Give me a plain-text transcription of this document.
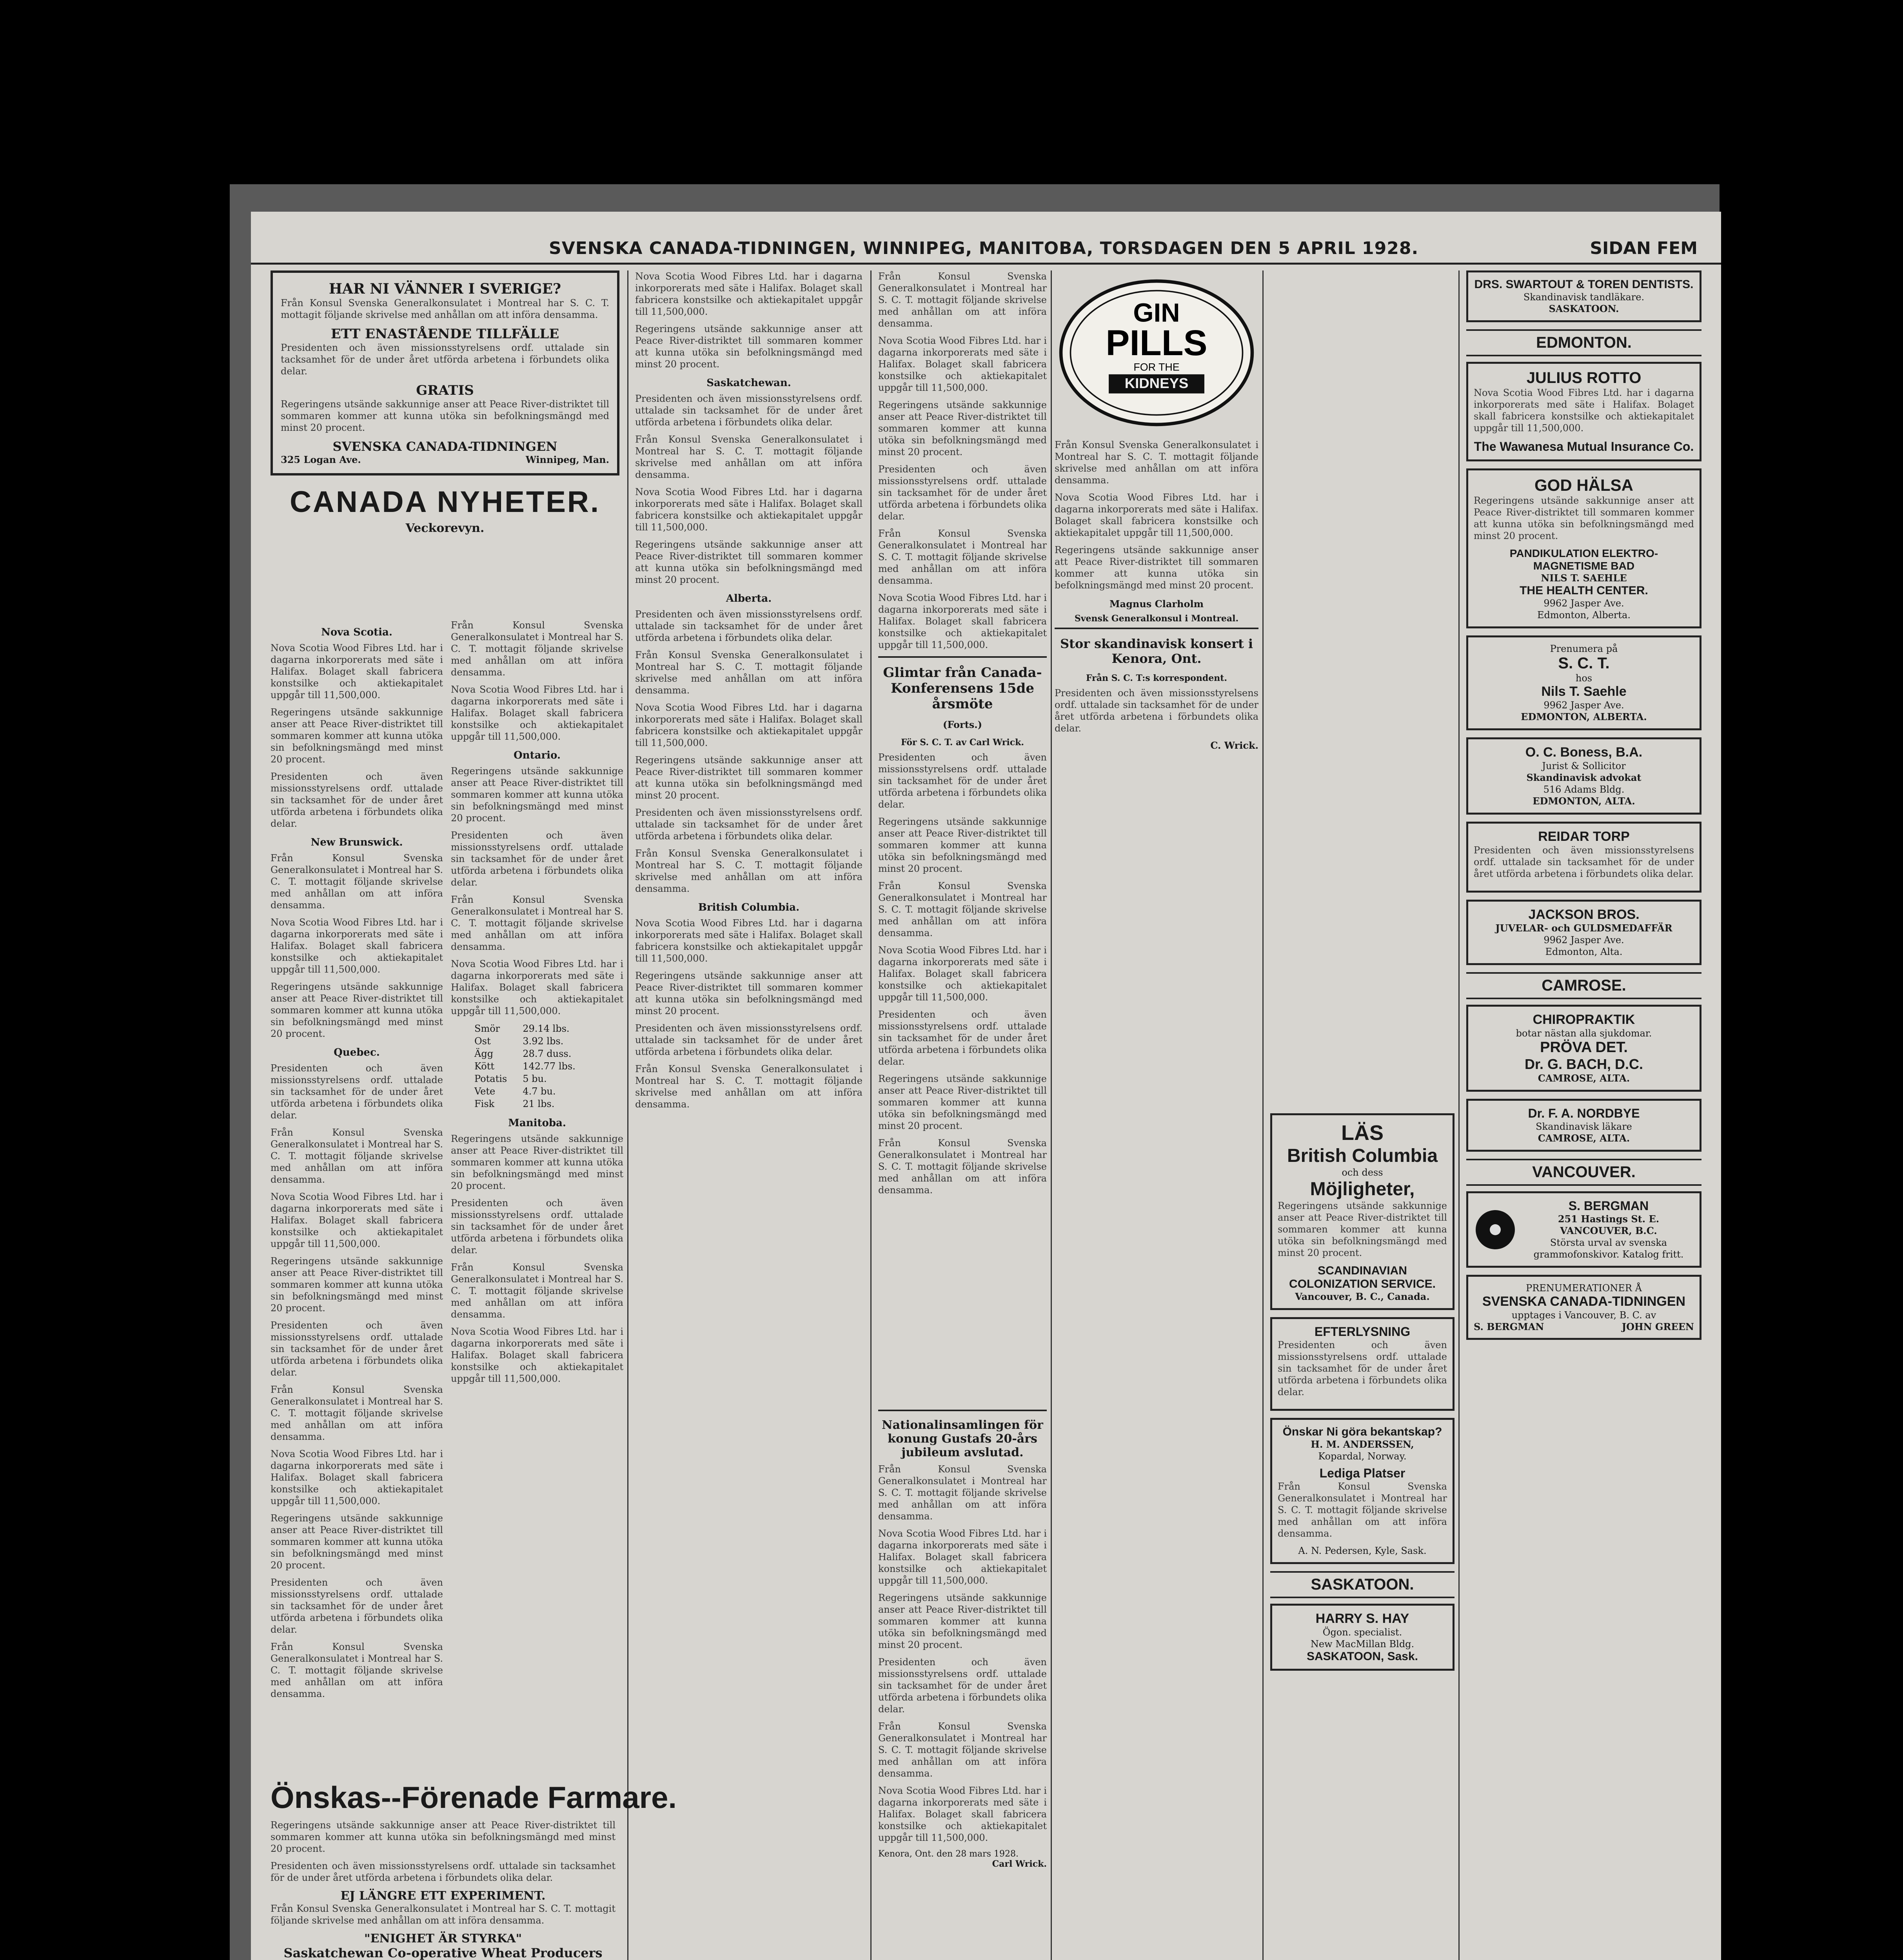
SVENSKA CANADA-TIDNINGEN, WINNIPEG, MANITOBA, TORSDAGEN DEN 5 APRIL 1928.	SIDAN FEM
HAR NI VÄNNER I SVERIGE?

Från Konsul Svenska Generalkonsulatet i Montreal har S. C. T. mottagit följande skrivelse med anhållan om att införa densamma.

ETT ENASTÅENDE TILLFÄLLE

Presidenten och även missionsstyrelsens ordf. uttalade sin tacksamhet för de under året utförda arbetena i förbundets olika delar.

GRATIS

Regeringens utsände sakkunnige anser att Peace River-distriktet till sommaren kommer att kunna utöka sin befolkningsmängd med minst 20 procent.

SVENSKA CANADA-TIDNINGEN
325 Logan Ave.	Winnipeg, Man.
CANADA NYHETER.
Veckorevyn.
Nova Scotia.

Nova Scotia Wood Fibres Ltd. har i dagarna inkorporerats med säte i Halifax. Bolaget skall fabricera konstsilke och aktiekapitalet uppgår till 11,500,000.

Regeringens utsände sakkunnige anser att Peace River-distriktet till sommaren kommer att kunna utöka sin befolkningsmängd med minst 20 procent.

Presidenten och även missionsstyrelsens ordf. uttalade sin tacksamhet för de under året utförda arbetena i förbundets olika delar.

New Brunswick.

Från Konsul Svenska Generalkonsulatet i Montreal har S. C. T. mottagit följande skrivelse med anhållan om att införa densamma.

Nova Scotia Wood Fibres Ltd. har i dagarna inkorporerats med säte i Halifax. Bolaget skall fabricera konstsilke och aktiekapitalet uppgår till 11,500,000.

Regeringens utsände sakkunnige anser att Peace River-distriktet till sommaren kommer att kunna utöka sin befolkningsmängd med minst 20 procent.

Quebec.

Presidenten och även missionsstyrelsens ordf. uttalade sin tacksamhet för de under året utförda arbetena i förbundets olika delar.

Från Konsul Svenska Generalkonsulatet i Montreal har S. C. T. mottagit följande skrivelse med anhållan om att införa densamma.

Nova Scotia Wood Fibres Ltd. har i dagarna inkorporerats med säte i Halifax. Bolaget skall fabricera konstsilke och aktiekapitalet uppgår till 11,500,000.

Regeringens utsände sakkunnige anser att Peace River-distriktet till sommaren kommer att kunna utöka sin befolkningsmängd med minst 20 procent.

Presidenten och även missionsstyrelsens ordf. uttalade sin tacksamhet för de under året utförda arbetena i förbundets olika delar.

Från Konsul Svenska Generalkonsulatet i Montreal har S. C. T. mottagit följande skrivelse med anhållan om att införa densamma.

Nova Scotia Wood Fibres Ltd. har i dagarna inkorporerats med säte i Halifax. Bolaget skall fabricera konstsilke och aktiekapitalet uppgår till 11,500,000.

Regeringens utsände sakkunnige anser att Peace River-distriktet till sommaren kommer att kunna utöka sin befolkningsmängd med minst 20 procent.

Presidenten och även missionsstyrelsens ordf. uttalade sin tacksamhet för de under året utförda arbetena i förbundets olika delar.

Från Konsul Svenska Generalkonsulatet i Montreal har S. C. T. mottagit följande skrivelse med anhållan om att införa densamma.

Från Konsul Svenska Generalkonsulatet i Montreal har S. C. T. mottagit följande skrivelse med anhållan om att införa densamma.

Nova Scotia Wood Fibres Ltd. har i dagarna inkorporerats med säte i Halifax. Bolaget skall fabricera konstsilke och aktiekapitalet uppgår till 11,500,000.

Ontario.

Regeringens utsände sakkunnige anser att Peace River-distriktet till sommaren kommer att kunna utöka sin befolkningsmängd med minst 20 procent.

Presidenten och även missionsstyrelsens ordf. uttalade sin tacksamhet för de under året utförda arbetena i förbundets olika delar.

Från Konsul Svenska Generalkonsulatet i Montreal har S. C. T. mottagit följande skrivelse med anhållan om att införa densamma.

Nova Scotia Wood Fibres Ltd. har i dagarna inkorporerats med säte i Halifax. Bolaget skall fabricera konstsilke och aktiekapitalet uppgår till 11,500,000.

Smör	29.14 lbs.
Ost	3.92 lbs.
Ägg	28.7 duss.
Kött	142.77 lbs.
Potatis	5 bu.
Vete	4.7 bu.
Fisk	21 lbs.
Manitoba.

Regeringens utsände sakkunnige anser att Peace River-distriktet till sommaren kommer att kunna utöka sin befolkningsmängd med minst 20 procent.

Presidenten och även missionsstyrelsens ordf. uttalade sin tacksamhet för de under året utförda arbetena i förbundets olika delar.

Från Konsul Svenska Generalkonsulatet i Montreal har S. C. T. mottagit följande skrivelse med anhållan om att införa densamma.

Nova Scotia Wood Fibres Ltd. har i dagarna inkorporerats med säte i Halifax. Bolaget skall fabricera konstsilke och aktiekapitalet uppgår till 11,500,000.

Önskas--Förenade Farmare.

Regeringens utsände sakkunnige anser att Peace River-distriktet till sommaren kommer att kunna utöka sin befolkningsmängd med minst 20 procent.

Presidenten och även missionsstyrelsens ordf. uttalade sin tacksamhet för de under året utförda arbetena i förbundets olika delar.

EJ LÄNGRE ETT EXPERIMENT.

Från Konsul Svenska Generalkonsulatet i Montreal har S. C. T. mottagit följande skrivelse med anhållan om att införa densamma.

"ENIGHET ÄR STYRKA"
Saskatchewan Co-operative Wheat Producers

Nova Scotia Wood Fibres Ltd. har i dagarna inkorporerats med säte i Halifax. Bolaget skall fabricera konstsilke och aktiekapitalet uppgår till 11,500,000.

Regeringens utsände sakkunnige anser att Peace River-distriktet till sommaren kommer att kunna utöka sin befolkningsmängd med minst 20 procent.

Saskatchewan.

Presidenten och även missionsstyrelsens ordf. uttalade sin tacksamhet för de under året utförda arbetena i förbundets olika delar.

Från Konsul Svenska Generalkonsulatet i Montreal har S. C. T. mottagit följande skrivelse med anhållan om att införa densamma.

Nova Scotia Wood Fibres Ltd. har i dagarna inkorporerats med säte i Halifax. Bolaget skall fabricera konstsilke och aktiekapitalet uppgår till 11,500,000.

Regeringens utsände sakkunnige anser att Peace River-distriktet till sommaren kommer att kunna utöka sin befolkningsmängd med minst 20 procent.

Alberta.

Presidenten och även missionsstyrelsens ordf. uttalade sin tacksamhet för de under året utförda arbetena i förbundets olika delar.

Från Konsul Svenska Generalkonsulatet i Montreal har S. C. T. mottagit följande skrivelse med anhållan om att införa densamma.

Nova Scotia Wood Fibres Ltd. har i dagarna inkorporerats med säte i Halifax. Bolaget skall fabricera konstsilke och aktiekapitalet uppgår till 11,500,000.

Regeringens utsände sakkunnige anser att Peace River-distriktet till sommaren kommer att kunna utöka sin befolkningsmängd med minst 20 procent.

Presidenten och även missionsstyrelsens ordf. uttalade sin tacksamhet för de under året utförda arbetena i förbundets olika delar.

Från Konsul Svenska Generalkonsulatet i Montreal har S. C. T. mottagit följande skrivelse med anhållan om att införa densamma.

British Columbia.

Nova Scotia Wood Fibres Ltd. har i dagarna inkorporerats med säte i Halifax. Bolaget skall fabricera konstsilke och aktiekapitalet uppgår till 11,500,000.

Regeringens utsände sakkunnige anser att Peace River-distriktet till sommaren kommer att kunna utöka sin befolkningsmängd med minst 20 procent.

Presidenten och även missionsstyrelsens ordf. uttalade sin tacksamhet för de under året utförda arbetena i förbundets olika delar.

Från Konsul Svenska Generalkonsulatet i Montreal har S. C. T. mottagit följande skrivelse med anhållan om att införa densamma.

Från Konsul Svenska Generalkonsulatet i Montreal har S. C. T. mottagit följande skrivelse med anhållan om att införa densamma.

Nova Scotia Wood Fibres Ltd. har i dagarna inkorporerats med säte i Halifax. Bolaget skall fabricera konstsilke och aktiekapitalet uppgår till 11,500,000.

Regeringens utsände sakkunnige anser att Peace River-distriktet till sommaren kommer att kunna utöka sin befolkningsmängd med minst 20 procent.

Presidenten och även missionsstyrelsens ordf. uttalade sin tacksamhet för de under året utförda arbetena i förbundets olika delar.

Från Konsul Svenska Generalkonsulatet i Montreal har S. C. T. mottagit följande skrivelse med anhållan om att införa densamma.

Nova Scotia Wood Fibres Ltd. har i dagarna inkorporerats med säte i Halifax. Bolaget skall fabricera konstsilke och aktiekapitalet uppgår till 11,500,000.

Glimtar från Canada-Konferensens 15de årsmöte
(Forts.)
För S. C. T. av Carl Wrick.

Presidenten och även missionsstyrelsens ordf. uttalade sin tacksamhet för de under året utförda arbetena i förbundets olika delar.

Regeringens utsände sakkunnige anser att Peace River-distriktet till sommaren kommer att kunna utöka sin befolkningsmängd med minst 20 procent.

Från Konsul Svenska Generalkonsulatet i Montreal har S. C. T. mottagit följande skrivelse med anhållan om att införa densamma.

Nova Scotia Wood Fibres Ltd. har i dagarna inkorporerats med säte i Halifax. Bolaget skall fabricera konstsilke och aktiekapitalet uppgår till 11,500,000.

Presidenten och även missionsstyrelsens ordf. uttalade sin tacksamhet för de under året utförda arbetena i förbundets olika delar.

Regeringens utsände sakkunnige anser att Peace River-distriktet till sommaren kommer att kunna utöka sin befolkningsmängd med minst 20 procent.

Från Konsul Svenska Generalkonsulatet i Montreal har S. C. T. mottagit följande skrivelse med anhållan om att införa densamma.

GIN
PILLS
FOR THE
KIDNEYS

Från Konsul Svenska Generalkonsulatet i Montreal har S. C. T. mottagit följande skrivelse med anhållan om att införa densamma.

Nova Scotia Wood Fibres Ltd. har i dagarna inkorporerats med säte i Halifax. Bolaget skall fabricera konstsilke och aktiekapitalet uppgår till 11,500,000.

Regeringens utsände sakkunnige anser att Peace River-distriktet till sommaren kommer att kunna utöka sin befolkningsmängd med minst 20 procent.

Magnus Clarholm
Svensk Generalkonsul i Montreal.
Stor skandinavisk konsert i Kenora, Ont.
Från S. C. T:s korrespondent.

Presidenten och även missionsstyrelsens ordf. uttalade sin tacksamhet för de under året utförda arbetena i förbundets olika delar.

C. Wrick.
Nationalinsamlingen för konung Gustafs 20-års jubileum avslutad.

Från Konsul Svenska Generalkonsulatet i Montreal har S. C. T. mottagit följande skrivelse med anhållan om att införa densamma.

Nova Scotia Wood Fibres Ltd. har i dagarna inkorporerats med säte i Halifax. Bolaget skall fabricera konstsilke och aktiekapitalet uppgår till 11,500,000.

Regeringens utsände sakkunnige anser att Peace River-distriktet till sommaren kommer att kunna utöka sin befolkningsmängd med minst 20 procent.

Presidenten och även missionsstyrelsens ordf. uttalade sin tacksamhet för de under året utförda arbetena i förbundets olika delar.

Från Konsul Svenska Generalkonsulatet i Montreal har S. C. T. mottagit följande skrivelse med anhållan om att införa densamma.

Nova Scotia Wood Fibres Ltd. har i dagarna inkorporerats med säte i Halifax. Bolaget skall fabricera konstsilke och aktiekapitalet uppgår till 11,500,000.

Kenora, Ont. den 28 mars 1928.
Carl Wrick.
LÄS
British Columbia
och dess
Möjligheter,

Regeringens utsände sakkunnige anser att Peace River-distriktet till sommaren kommer att kunna utöka sin befolkningsmängd med minst 20 procent.

SCANDINAVIAN COLONIZATION SERVICE.
Vancouver, B. C., Canada.
EFTERLYSNING

Presidenten och även missionsstyrelsens ordf. uttalade sin tacksamhet för de under året utförda arbetena i förbundets olika delar.

Önskar Ni göra bekantskap?
H. M. ANDERSSEN,
Kopardal, Norway.
Lediga Platser

Från Konsul Svenska Generalkonsulatet i Montreal har S. C. T. mottagit följande skrivelse med anhållan om att införa densamma.

A. N. Pedersen, Kyle, Sask.
SASKATOON.
HARRY S. HAY
Ögon. specialist.
New MacMillan Bldg.
SASKATOON, Sask.
DRS. SWARTOUT & TOREN DENTISTS.
Skandinavisk tandläkare.
SASKATOON.
EDMONTON.
JULIUS ROTTO

Nova Scotia Wood Fibres Ltd. har i dagarna inkorporerats med säte i Halifax. Bolaget skall fabricera konstsilke och aktiekapitalet uppgår till 11,500,000.

The Wawanesa Mutual Insurance Co.
GOD HÄLSA

Regeringens utsände sakkunnige anser att Peace River-distriktet till sommaren kommer att kunna utöka sin befolkningsmängd med minst 20 procent.

PANDIKULATION ELEKTRO-MAGNETISME BAD
NILS T. SAEHLE
THE HEALTH CENTER.
9962 Jasper Ave.
Edmonton, Alberta.
Prenumera på
S. C. T.
hos
Nils T. Saehle
9962 Jasper Ave.
EDMONTON, ALBERTA.
O. C. Boness, B.A.
Jurist & Sollicitor
Skandinavisk advokat
516 Adams Bldg.
EDMONTON, ALTA.
REIDAR TORP

Presidenten och även missionsstyrelsens ordf. uttalade sin tacksamhet för de under året utförda arbetena i förbundets olika delar.

JACKSON BROS.
JUVELAR- och GULDSMEDAFFÄR
9962 Jasper Ave.
Edmonton, Alta.
CAMROSE.
CHIROPRAKTIK
botar nästan alla sjukdomar.
PRÖVA DET.
Dr. G. BACH, D.C.
CAMROSE, ALTA.
Dr. F. A. NORDBYE
Skandinavisk läkare
CAMROSE, ALTA.
VANCOUVER.
S. BERGMAN
251 Hastings St. E.
VANCOUVER, B.C.
Största urval av svenska grammofonskivor. Katalog fritt.
PRENUMERATIONER Å
SVENSKA CANADA-TIDNINGEN
upptages i Vancouver, B. C. av
S. BERGMAN	JOHN GREEN
